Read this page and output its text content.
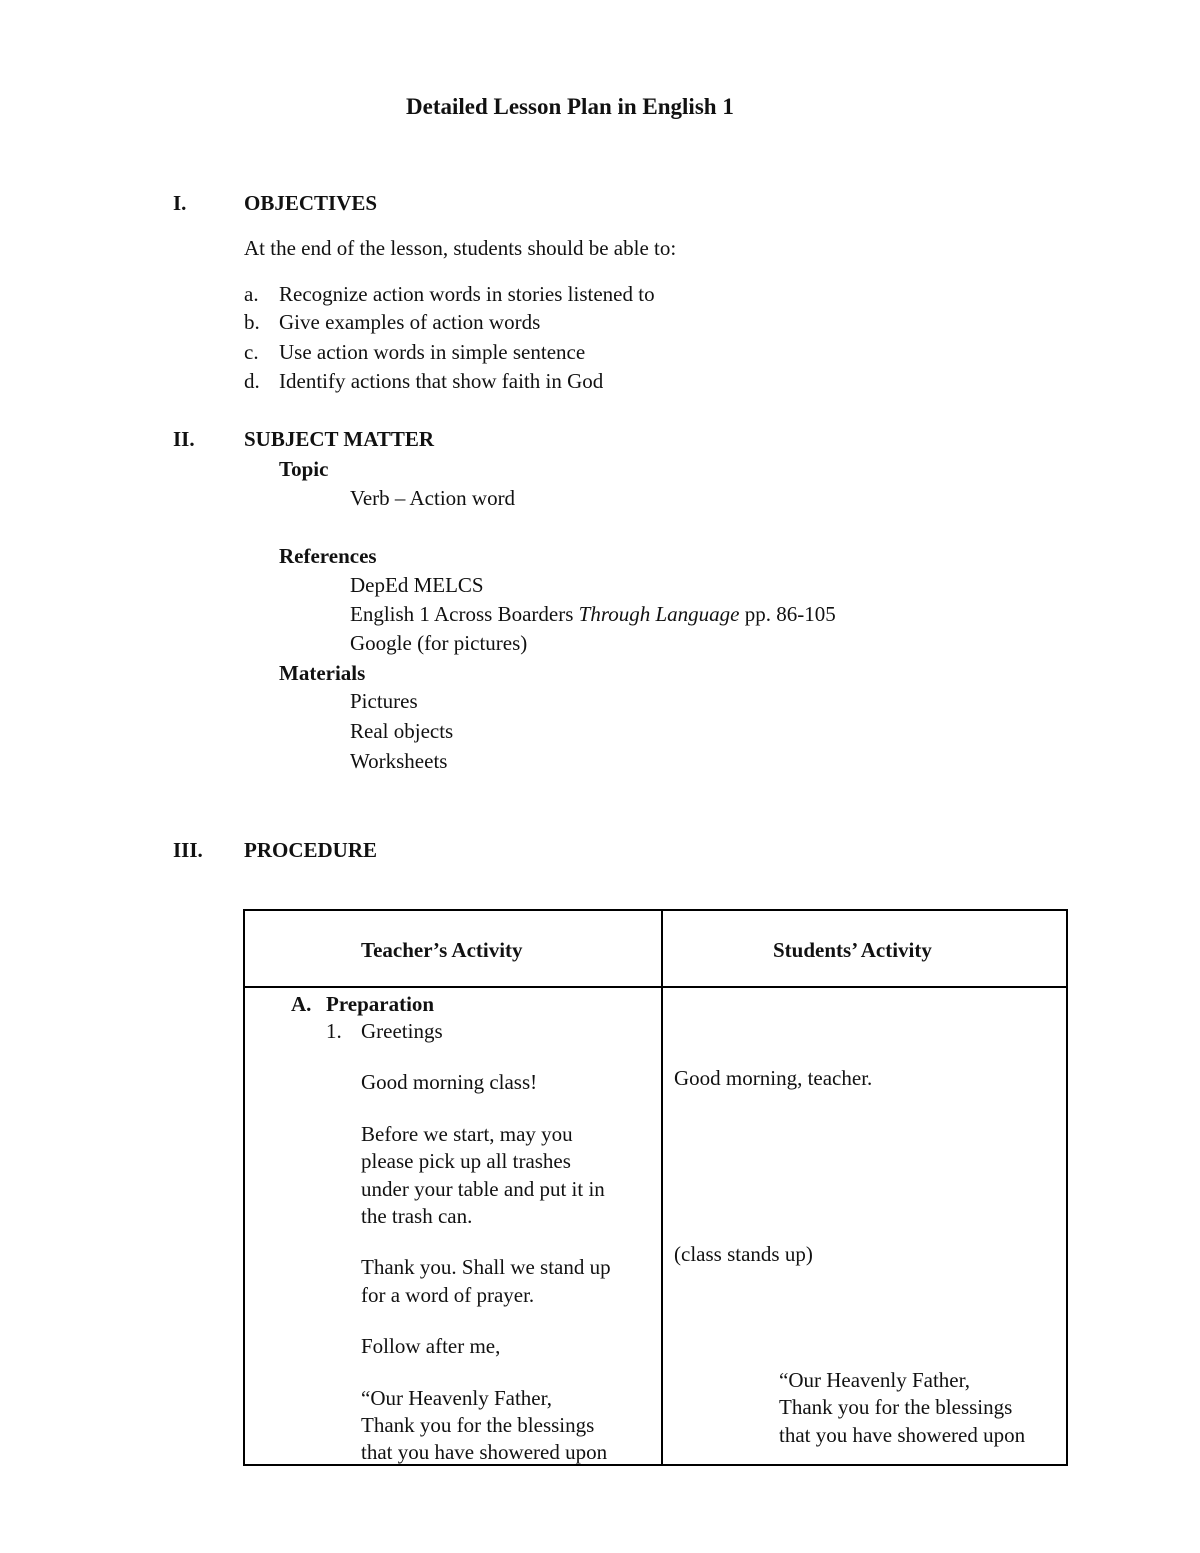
Detailed Lesson Plan in English 1
I.	OBJECTIVES
At the end of the lesson, students should be able to:
a. Recognize action words in stories listened to
b. Give examples of action words
c. Use action words in simple sentence
d. Identify actions that show faith in God
II. SUBJECT MATTER
Topic
Verb – Action word
References
DepEd MELCS
English 1 Across Boarders Through Language pp. 86-105
Google (for pictures)
Materials
Pictures
Real objects
Worksheets
III. PROCEDURE
Teacher’s Activity	Students’ Activity
A. Preparation
1. Greetings
Good morning class!
Before we start, may you
please pick up all trashes
under your table and put it in
the trash can.
Thank you. Shall we stand up
for a word of prayer.
Follow after me,
“Our Heavenly Father,
Thank you for the blessings
that you have showered upon
Good morning, teacher.
(class stands up)
“Our Heavenly Father,
Thank you for the blessings
that you have showered upon
